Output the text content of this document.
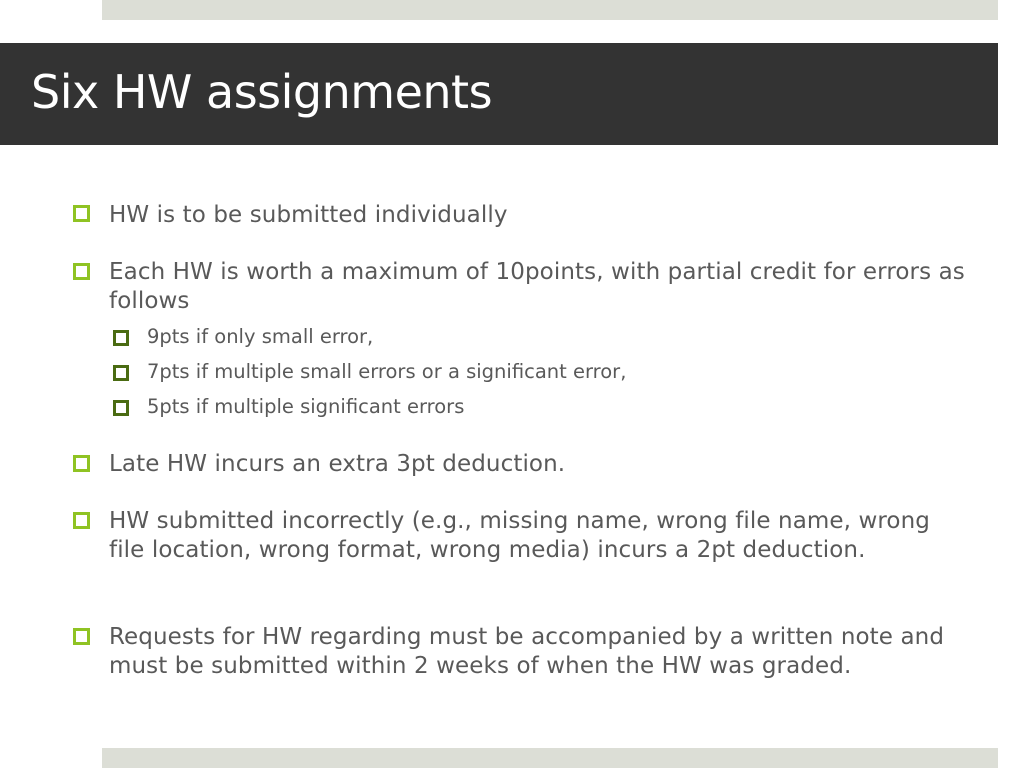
Six HW assignments
HW is to be submitted individually
Each HW is worth a maximum of 10points, with partial credit for errors as follows
9pts if only small error,
7pts if multiple small errors or a significant error,
5pts if multiple significant errors
Late HW incurs an extra 3pt deduction.
HW submitted incorrectly (e.g., missing name, wrong file name, wrong file location, wrong format, wrong media) incurs a 2pt deduction.
Requests for HW regarding must be accompanied by a written note and must be submitted within 2 weeks of when the HW was graded.
